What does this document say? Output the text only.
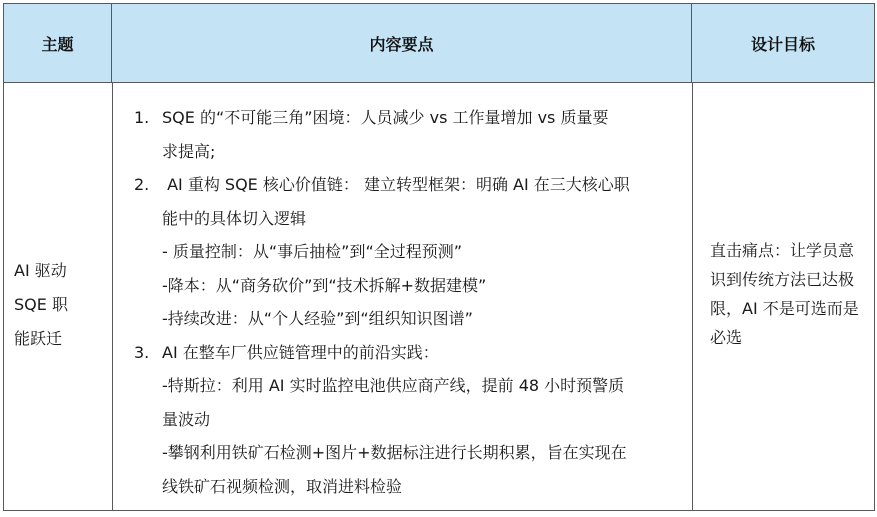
主题	内容要点	设计目标
AI 驱动
SQE 职
能跃迁
1. SQE 的“不可能三角”困境：人员减少 vs 工作量增加 vs 质量要
求提高;
2. AI 重构 SQE 核心价值链： 建立转型框架：明确 AI 在三大核心职
能中的具体切入逻辑
- 质量控制：从“事后抽检”到“全过程预测”
-降本：从“商务砍价”到“技术拆解+数据建模”
-持续改进：从“个人经验”到“组织知识图谱”
3. AI 在整车厂供应链管理中的前沿实践：
-特斯拉：利用 AI 实时监控电池供应商产线，提前 48 小时预警质
量波动
-攀钢利用铁矿石检测+图片+数据标注进行长期积累，旨在实现在
线铁矿石视频检测，取消进料检验
直击痛点：让学员意
识到传统方法已达极
限，AI 不是可选而是
必选
